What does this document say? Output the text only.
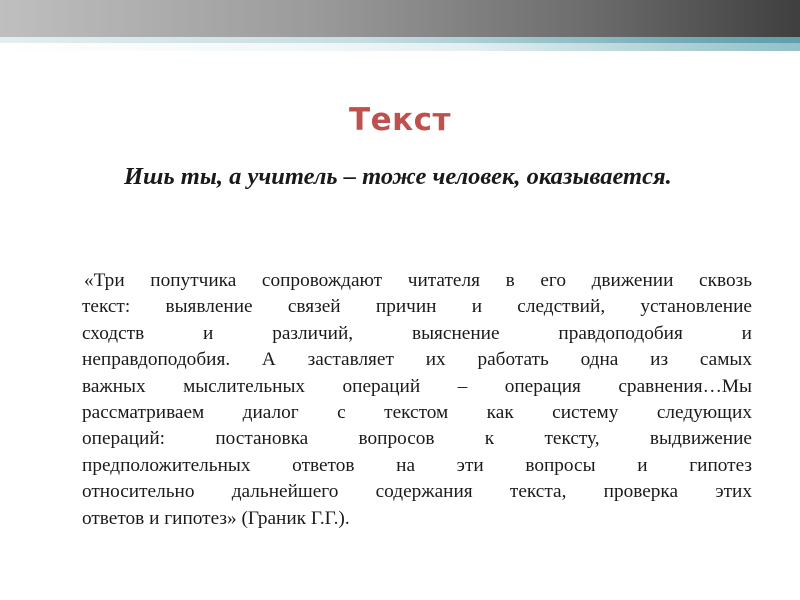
Текст

Ишь ты, а учитель – тоже человек, оказывается.

«Три попутчика сопровождают читателя в его движении сквозь
текст: выявление связей причин и следствий, установление
сходств и различий, выяснение правдоподобия и
неправдоподобия. А заставляет их работать одна из самых
важных мыслительных операций – операция сравнения…Мы
рассматриваем диалог с текстом как систему следующих
операций: постановка вопросов к тексту, выдвижение
предположительных ответов на эти вопросы и гипотез
относительно дальнейшего содержания текста, проверка этих
ответов и гипотез» (Граник Г.Г.).
